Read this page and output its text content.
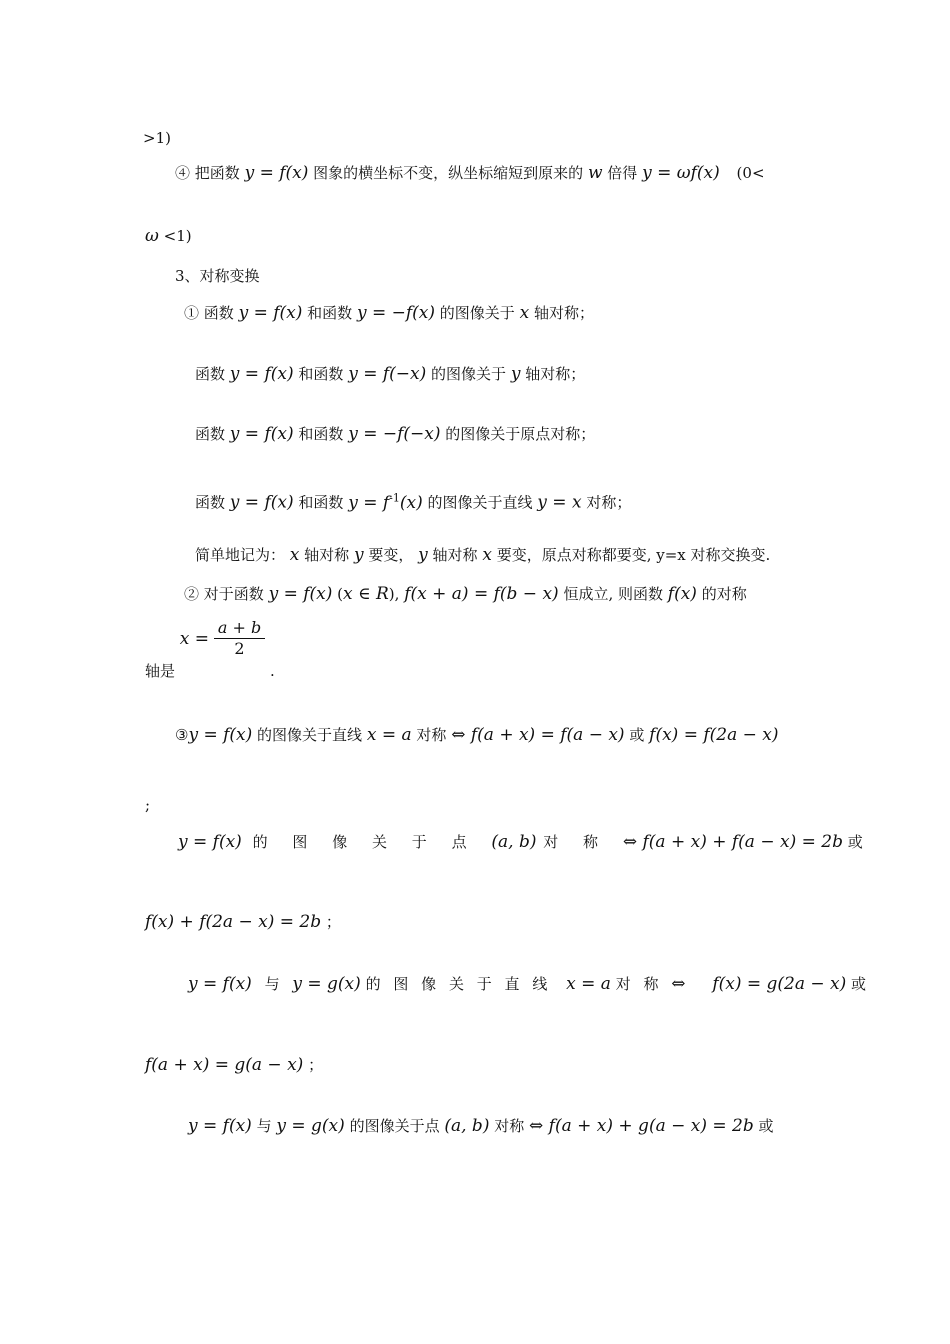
>1)
④ 把函数 y = f(x) 图象的横坐标不变，纵坐标缩短到原来的 w 倍得 y = ωf(x) (0<
ω <1)
3、对称变换
① 函数 y = f(x) 和函数 y = −f(x) 的图像关于 x 轴对称；
函数 y = f(x) 和函数 y = f(−x) 的图像关于 y 轴对称；
函数 y = f(x) 和函数 y = −f(−x) 的图像关于原点对称；
函数 y = f(x) 和函数 $y = f^{-1}(x)$ 的图像关于直线 y = x 对称；
简单地记为： x 轴对称 y 要变， y 轴对称 x 要变，原点对称都要变, y=x 对称交换变.
② 对于函数 y = f(x) (x ∈ R), f(x + a) = f(b − x) 恒成立, 则函数 f(x) 的对称
轴是 $x = \frac{a + b}{2}$
.
③y = f(x) 的图像关于直线 x = a 对称 ⇔ f(a + x) = f(a − x) 或 f(x) = f(2a − x)
;
y = f(x) 的 图 像 关 于 点 (a, b) 对 称 ⇔ f(a + x) + f(a − x) = 2b 或
f(x) + f(2a − x) = 2b ；
y = f(x) 与 y = g(x) 的 图 像 关 于 直 线 x = a 对 称 ⇔ f(x) = g(2a − x) 或
f(a + x) = g(a − x) ；
y = f(x) 与 y = g(x) 的图像关于点 (a, b) 对称 ⇔ f(a + x) + g(a − x) = 2b 或
